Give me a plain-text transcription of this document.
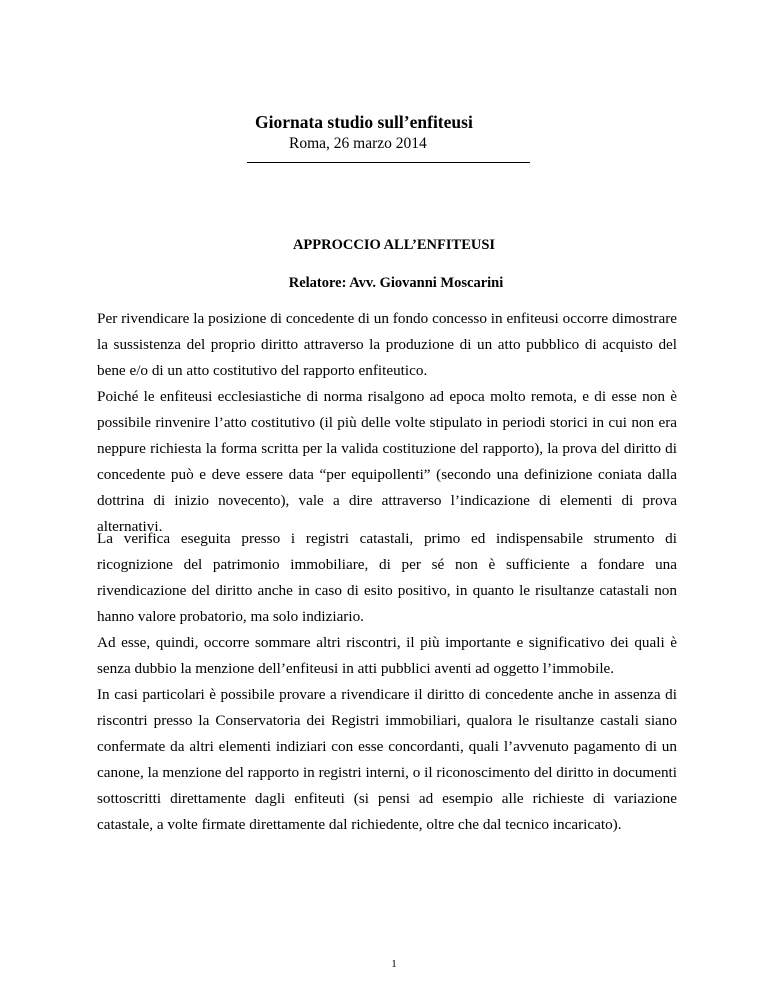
Giornata studio sull’enfiteusi
Roma, 26 marzo 2014
APPROCCIO ALL’ENFITEUSI
Relatore: Avv. Giovanni Moscarini

Per rivendicare la posizione di concedente di un fondo concesso in enfiteusi occorre dimostrare la sussistenza del proprio diritto attraverso la produzione di un atto pubblico di acquisto del bene e/o di un atto costitutivo del rapporto enfiteutico.

Poiché le enfiteusi ecclesiastiche di norma risalgono ad epoca molto remota, e di esse non è possibile rinvenire l’atto costitutivo (il più delle volte stipulato in periodi storici in cui non era neppure richiesta la forma scritta per la valida costituzione del rapporto), la prova del diritto di concedente può e deve essere data “per equipollenti” (secondo una definizione coniata dalla dottrina di inizio novecento), vale a dire attraverso l’indicazione di elementi di prova alternativi.

La verifica eseguita presso i registri catastali, primo ed indispensabile strumento di ricognizione del patrimonio immobiliare, di per sé non è sufficiente a fondare una rivendicazione del diritto anche in caso di esito positivo, in quanto le risultanze catastali non hanno valore probatorio, ma solo indiziario.

Ad esse, quindi, occorre sommare altri riscontri, il più importante e significativo dei quali è senza dubbio la menzione dell’enfiteusi in atti pubblici aventi ad oggetto l’immobile.

In casi particolari è possibile provare a rivendicare il diritto di concedente anche in assenza di riscontri presso la Conservatoria dei Registri immobiliari, qualora le risultanze castali siano confermate da altri elementi indiziari con esse concordanti, quali l’avvenuto pagamento di un canone, la menzione del rapporto in registri interni, o il riconoscimento del diritto in documenti sottoscritti direttamente dagli enfiteuti (si pensi ad esempio alle richieste di variazione catastale, a volte firmate direttamente dal richiedente, oltre che dal tecnico incaricato).

1
